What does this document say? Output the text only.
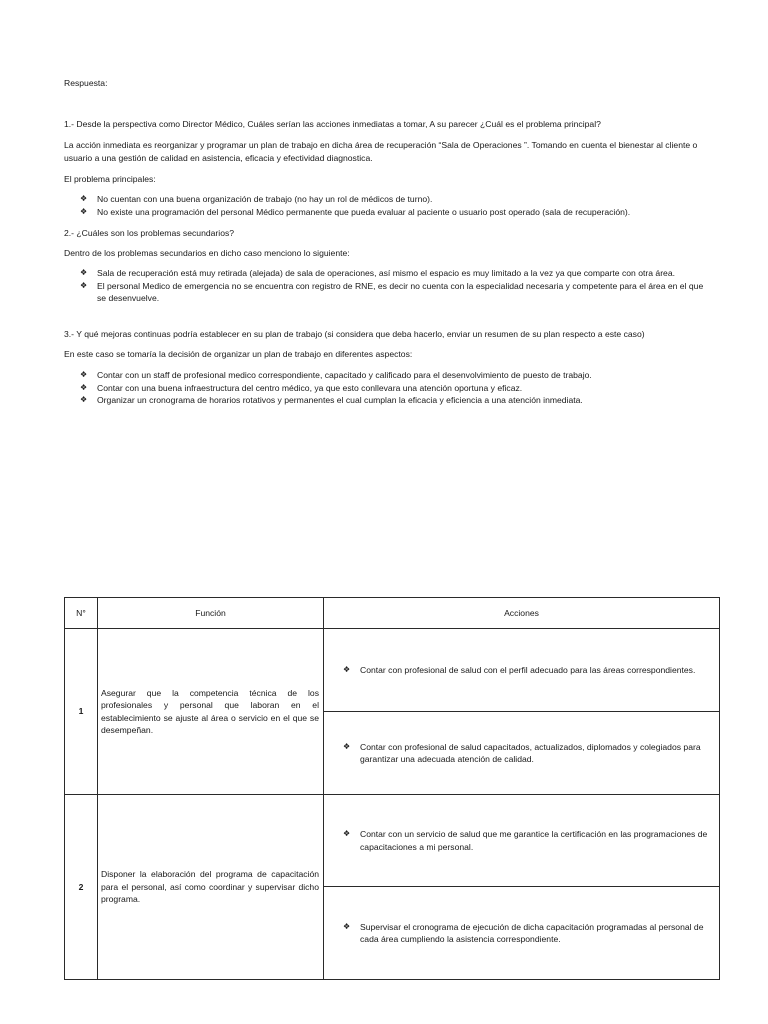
Respuesta:

1.- Desde la perspectiva como Director Médico, Cuáles serían las acciones inmediatas a tomar, A su parecer ¿Cuál es el problema principal?

La acción inmediata es reorganizar y programar un plan de trabajo en dicha área de recuperación “Sala de Operaciones ”. Tomando en cuenta el bienestar al cliente o usuario a una gestión de calidad en asistencia, eficacia y efectividad diagnostica.

El problema principales:

❖ No cuentan con una buena organización de trabajo (no hay un rol de médicos de turno).
❖ No existe una programación del personal Médico permanente que pueda evaluar al paciente o usuario post operado (sala de recuperación).

2.- ¿Cuáles son los problemas secundarios?

Dentro de los problemas secundarios en dicho caso menciono lo siguiente:

❖ Sala de recuperación está muy retirada (alejada) de sala de operaciones, así mismo el espacio es muy limitado a la vez ya que comparte con otra área.
❖ El personal Medico de emergencia no se encuentra con registro de RNE, es decir no cuenta con la especialidad necesaria y competente para el área en el que se desenvuelve.

3.- Y qué mejoras continuas podría establecer en su plan de trabajo (si considera que deba hacerlo, enviar un resumen de su plan respecto a este caso)

En este caso se tomaría la decisión de organizar un plan de trabajo en diferentes aspectos:

❖ Contar con un staff de profesional medico correspondiente, capacitado y calificado para el desenvolvimiento de puesto de trabajo.
❖ Contar con una buena infraestructura del centro médico, ya que esto conllevara una atención oportuna y eficaz.
❖ Organizar un cronograma de horarios rotativos y permanentes el cual cumplan la eficacia y eficiencia a una atención inmediata.
N°	Función	Acciones
1	Asegurar que la competencia técnica de los profesionales y personal que laboran en el establecimiento se ajuste al área o servicio en el que se desempeñan.	❖ Contar con profesional de salud con el perfil adecuado para las áreas correspondientes.

		❖ Contar con profesional de salud capacitados, actualizados, diplomados y colegiados para garantizar una adecuada atención de calidad.

2	Disponer la elaboración del programa de capacitación para el personal, así como coordinar y supervisar dicho programa.	❖ Contar con un servicio de salud que me garantice la certificación en las programaciones de capacitaciones a mi personal.

		❖ Supervisar el cronograma de ejecución de dicha capacitación programadas al personal de cada área cumpliendo la asistencia correspondiente.
